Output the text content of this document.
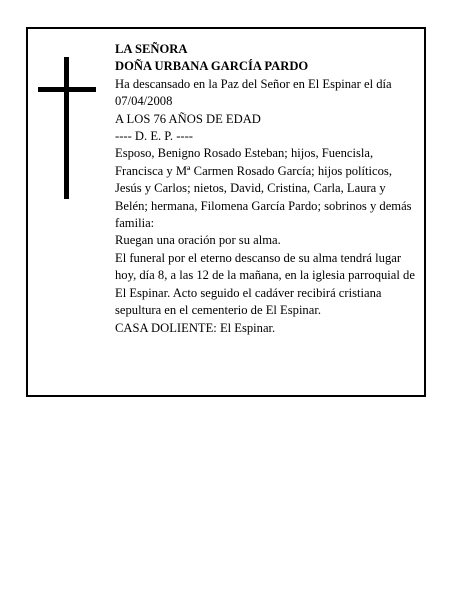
LA SEÑORA

DOÑA URBANA GARCÍA PARDO

Ha descansado en la Paz del Señor en El Espinar el día 07/04/2008

A LOS 76 AÑOS DE EDAD

---- D. E. P. ----

Esposo, Benigno Rosado Esteban; hijos, Fuencisla, Francisca y Mª Carmen Rosado García; hijos políticos, Jesús y Carlos; nietos, David, Cristina, Carla, Laura y Belén; hermana, Filomena García Pardo; sobrinos y demás familia:

Ruegan una oración por su alma.

El funeral por el eterno descanso de su alma tendrá lugar hoy, día 8, a las 12 de la mañana, en la iglesia parroquial de El Espinar. Acto seguido el cadáver recibirá cristiana sepultura en el cementerio de El Espinar.

CASA DOLIENTE: El Espinar.
